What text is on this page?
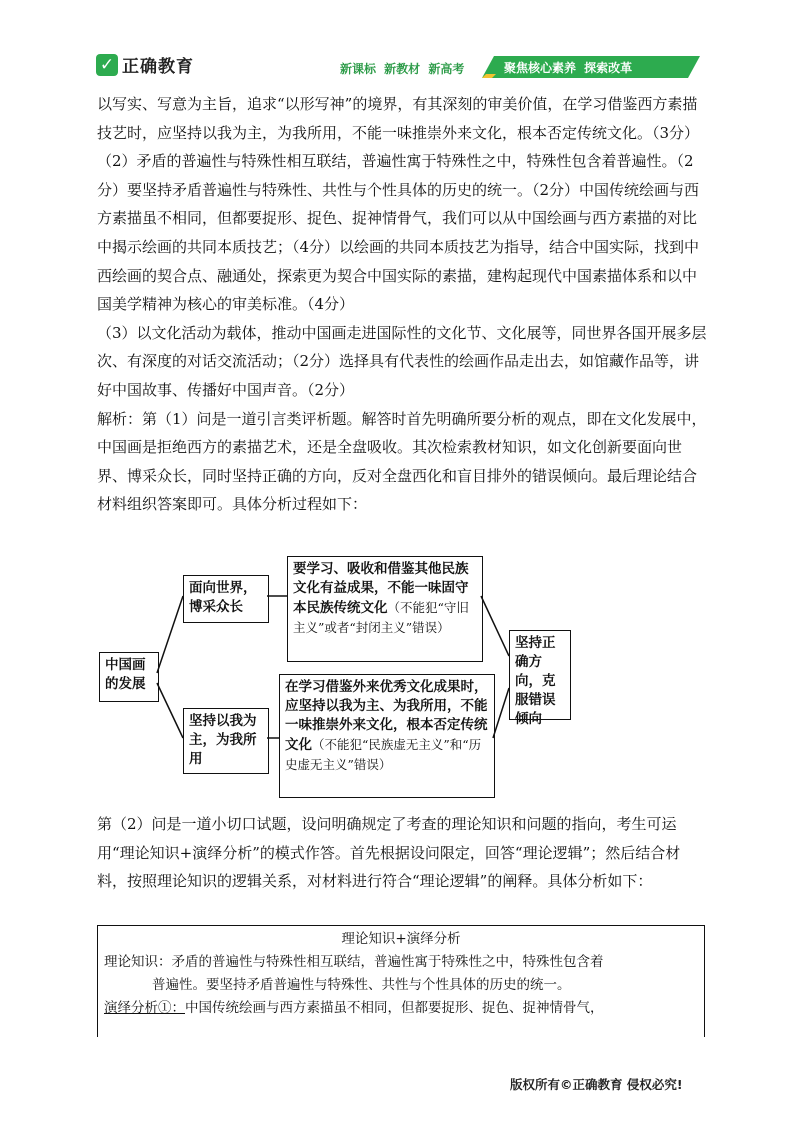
✓ 正确教育	新课标 新教材 新高考	聚焦核心素养 探索改革

以写实、写意为主旨，追求“以形写神”的境界，有其深刻的审美价值，在学习借鉴西方素描技艺时，应坚持以我为主，为我所用，不能一味推崇外来文化，根本否定传统文化。（3分）

（2）矛盾的普遍性与特殊性相互联结，普遍性寓于特殊性之中，特殊性包含着普遍性。（2分）要坚持矛盾普遍性与特殊性、共性与个性具体的历史的统一。（2分）中国传统绘画与西方素描虽不相同，但都要捉形、捉色、捉神情骨气，我们可以从中国绘画与西方素描的对比中揭示绘画的共同本质技艺；（4分）以绘画的共同本质技艺为指导，结合中国实际，找到中西绘画的契合点、融通处，探索更为契合中国实际的素描，建构起现代中国素描体系和以中国美学精神为核心的审美标准。（4分）

（3）以文化活动为载体，推动中国画走进国际性的文化节、文化展等，同世界各国开展多层次、有深度的对话交流活动；（2分）选择具有代表性的绘画作品走出去，如馆藏作品等，讲好中国故事、传播好中国声音。（2分）

解析：第（1）问是一道引言类评析题。解答时首先明确所要分析的观点，即在文化发展中，中国画是拒绝西方的素描艺术，还是全盘吸收。其次检索教材知识，如文化创新要面向世界、博采众长，同时坚持正确的方向，反对全盘西化和盲目排外的错误倾向。最后理论结合材料组织答案即可。具体分析过程如下：

中国画的发展
面向世界，博采众长
要学习、吸收和借鉴其他民族文化有益成果，不能一味固守本民族传统文化（不能犯“守旧主义”或者“封闭主义”错误）
坚持以我为主，为我所用
在学习借鉴外来优秀文化成果时，应坚持以我为主、为我所用，不能一味推崇外来文化，根本否定传统文化（不能犯“民族虚无主义”和“历史虚无主义”错误）
坚持正确方向，克服错误倾向
第（2）问是一道小切口试题，设问明确规定了考查的理论知识和问题的指向，考生可运用“理论知识+演绎分析”的模式作答。首先根据设问限定，回答“理论逻辑”；然后结合材料，按照理论知识的逻辑关系，对材料进行符合“理论逻辑”的阐释。具体分析如下：
理论知识+演绎分析
理论知识：矛盾的普遍性与特殊性相互联结，普遍性寓于特殊性之中，特殊性包含着
普遍性。要坚持矛盾普遍性与特殊性、共性与个性具体的历史的统一。
演绎分析①：中国传统绘画与西方素描虽不相同，但都要捉形、捉色、捉神情骨气，
版权所有©正确教育 侵权必究!
